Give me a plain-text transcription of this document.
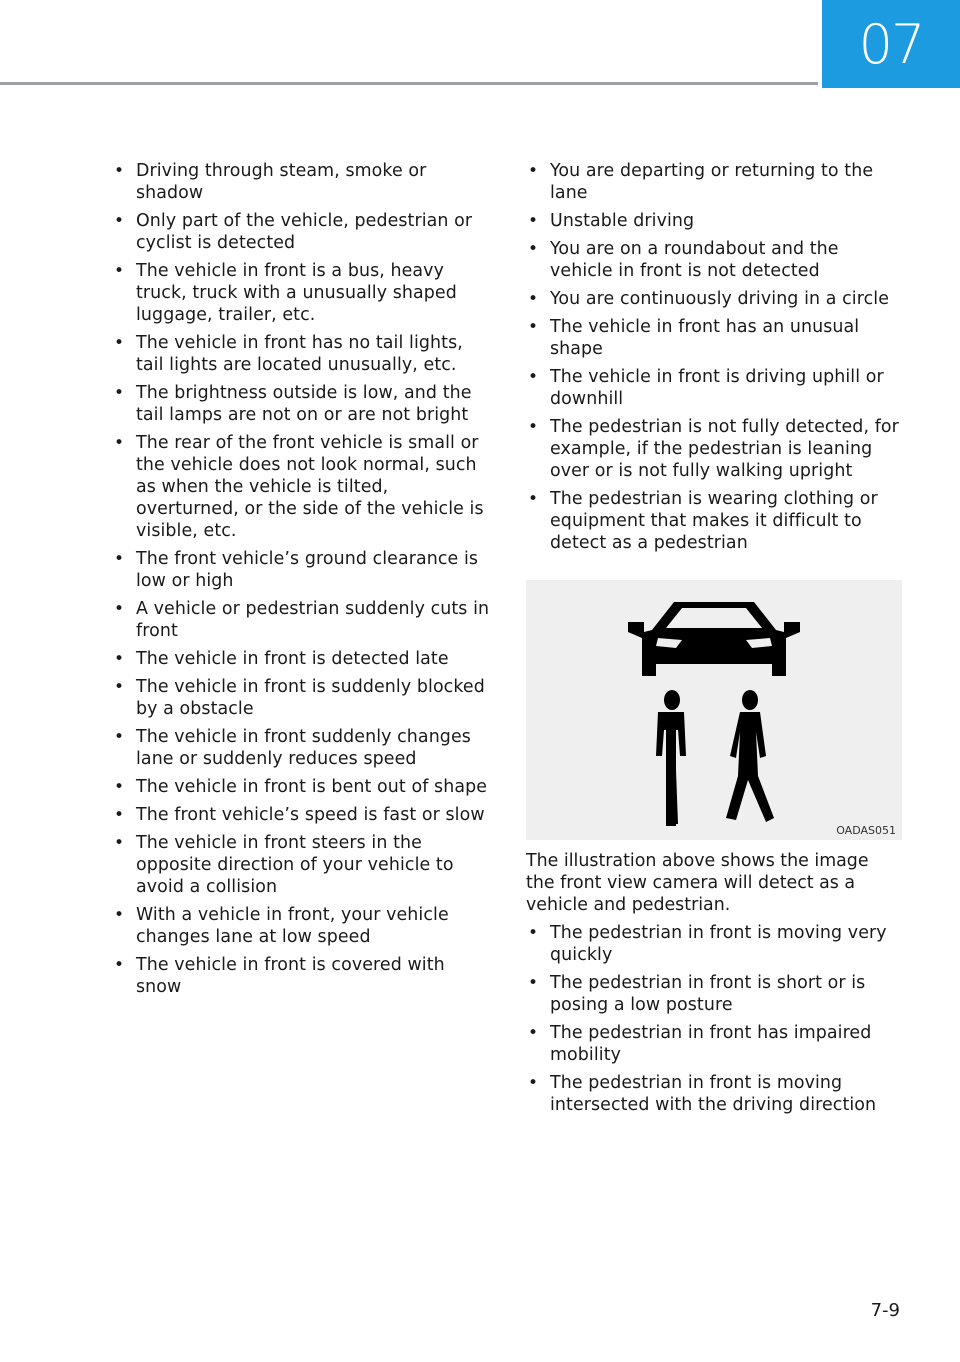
07
• Driving through steam, smoke or shadow
• Only part of the vehicle, pedestrian or cyclist is detected
• The vehicle in front is a bus, heavy truck, truck with a unusually shaped luggage, trailer, etc.
• The vehicle in front has no tail lights, tail lights are located unusually, etc.
• The brightness outside is low, and the tail lamps are not on or are not bright
• The rear of the front vehicle is small or the vehicle does not look normal, such as when the vehicle is tilted, overturned, or the side of the vehicle is visible, etc.
• The front vehicle’s ground clearance is low or high
• A vehicle or pedestrian suddenly cuts in front
• The vehicle in front is detected late
• The vehicle in front is suddenly blocked by a obstacle
• The vehicle in front suddenly changes lane or suddenly reduces speed
• The vehicle in front is bent out of shape
• The front vehicle’s speed is fast or slow
• The vehicle in front steers in the opposite direction of your vehicle to avoid a collision
• With a vehicle in front, your vehicle changes lane at low speed
• The vehicle in front is covered with snow
• You are departing or returning to the lane
• Unstable driving
• You are on a roundabout and the vehicle in front is not detected
• You are continuously driving in a circle
• The vehicle in front has an unusual shape
• The vehicle in front is driving uphill or downhill
• The pedestrian is not fully detected, for example, if the pedestrian is leaning over or is not fully walking upright
• The pedestrian is wearing clothing or equipment that makes it difficult to detect as a pedestrian
OADAS051

The illustration above shows the image the front view camera will detect as a vehicle and pedestrian.

• The pedestrian in front is moving very quickly
• The pedestrian in front is short or is posing a low posture
• The pedestrian in front has impaired mobility
• The pedestrian in front is moving intersected with the driving direction
7-9
